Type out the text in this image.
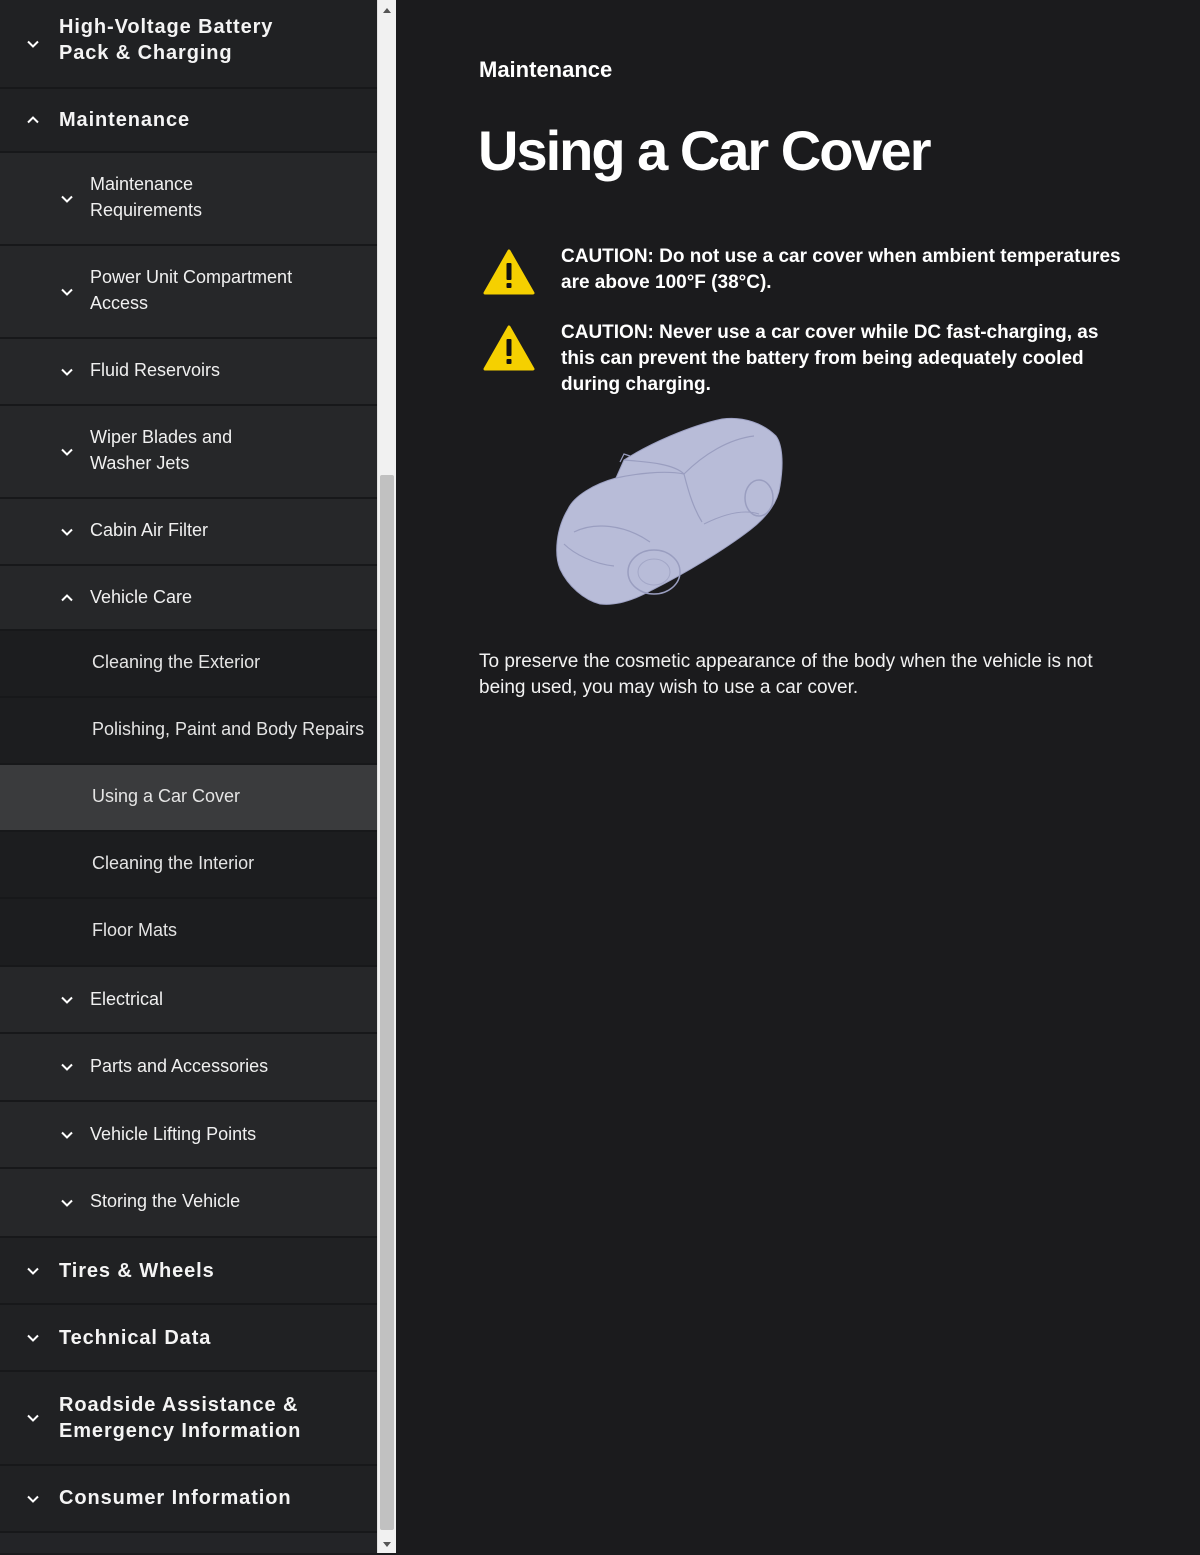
High-Voltage Battery Pack & Charging
Maintenance
Maintenance Requirements
Power Unit Compartment Access
Fluid Reservoirs
Wiper Blades and Washer Jets
Cabin Air Filter
Vehicle Care
Cleaning the Exterior
Polishing, Paint and Body Repairs
Using a Car Cover
Cleaning the Interior
Floor Mats
Electrical
Parts and Accessories
Vehicle Lifting Points
Storing the Vehicle
Tires & Wheels
Technical Data
Roadside Assistance & Emergency Information
Consumer Information
Maintenance
Using a Car Cover
CAUTION: Do not use a car cover when ambient temperatures are above 100°F (38°C).
CAUTION: Never use a car cover while DC fast-charging, as this can prevent the battery from being adequately cooled during charging.

To preserve the cosmetic appearance of the body when the vehicle is not being used, you may wish to use a car cover.
